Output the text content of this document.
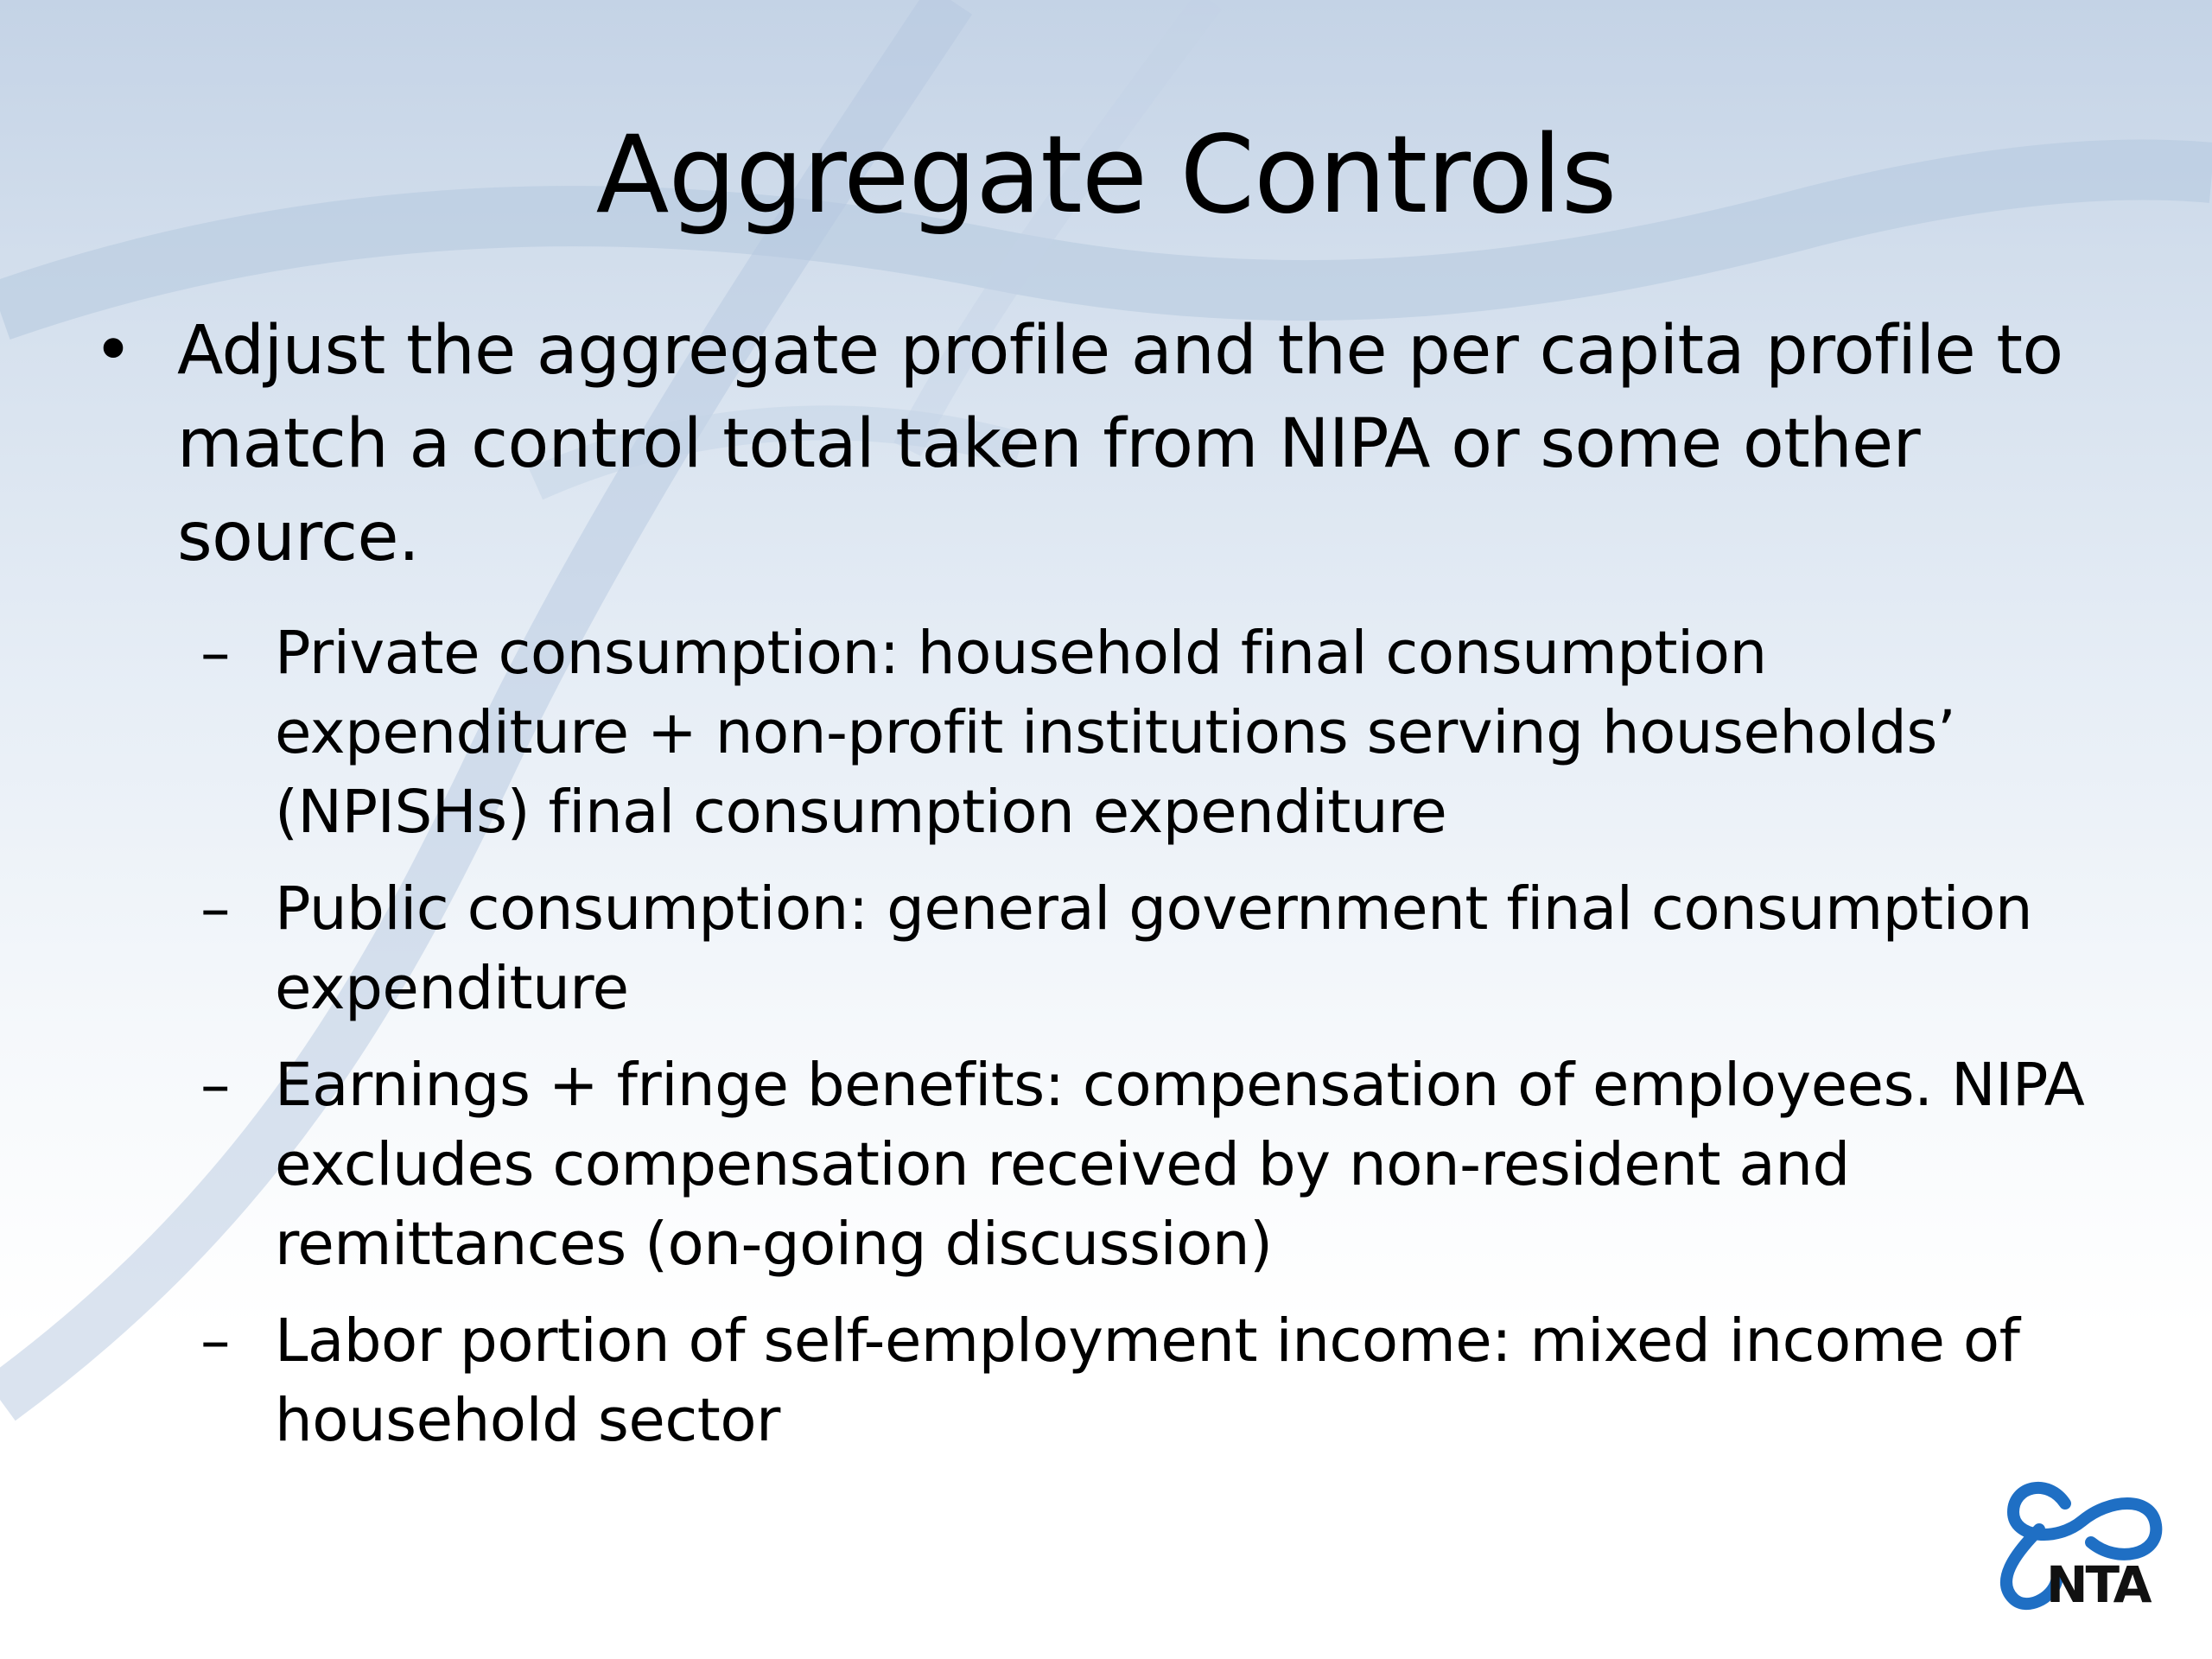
Aggregate Controls
• Adjust the aggregate profile and the per capita profile to match a control total taken from NIPA or some other source.
– Private consumption: household final consumption expenditure + non-profit institutions serving households’ (NPISHs) final consumption expenditure
– Public consumption: general government final consumption expenditure
– Earnings + fringe benefits: compensation of employees. NIPA excludes compensation received by non-resident and remittances (on-going discussion)
– Labor portion of self-employment income: mixed income of household sector
NTA
